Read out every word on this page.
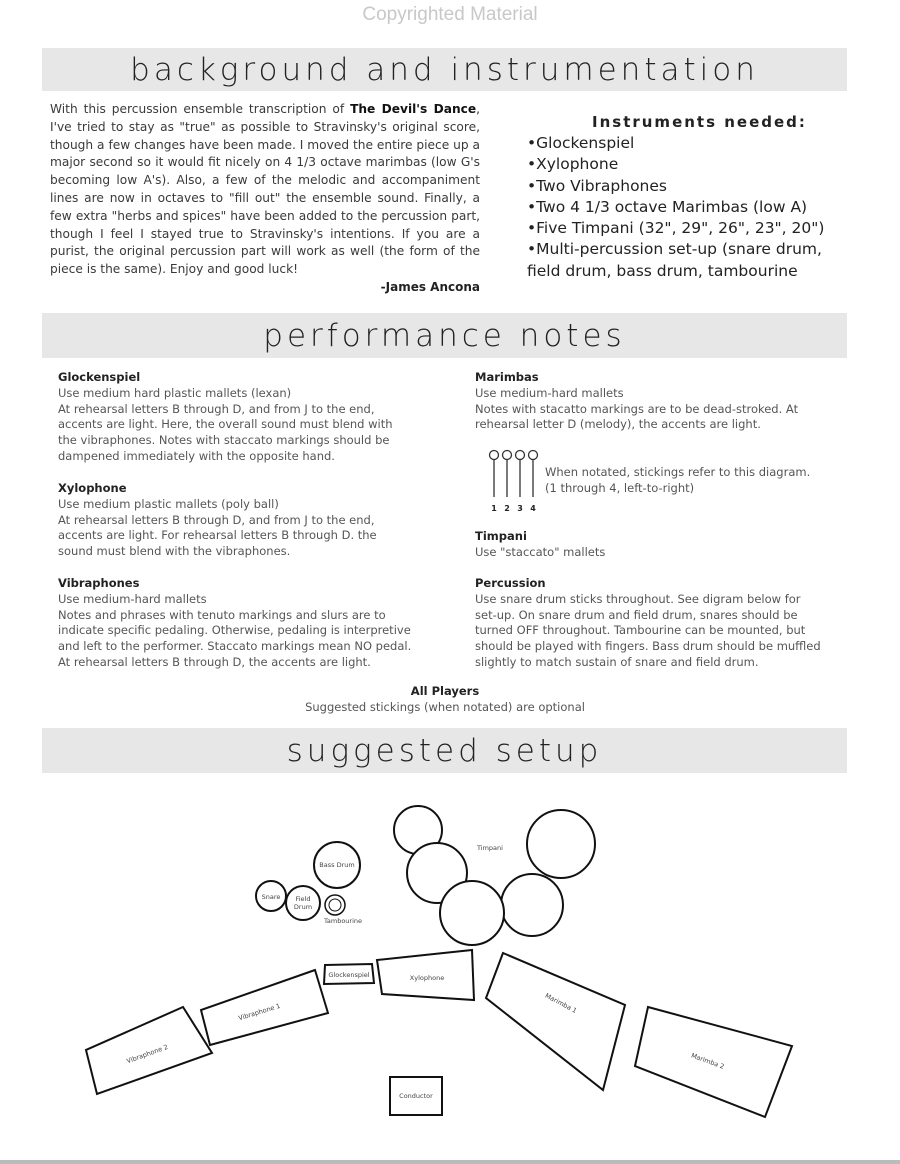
Copyrighted Material
background and instrumentation
With this percussion ensemble transcription of The Devil's Dance, I've tried to stay as "true" as possible to Stravinsky's original score, though a few changes have been made. I moved the entire piece up a major second so it would fit nicely on 4 1/3 octave marimbas (low G's becoming low A's). Also, a few of the melodic and accompaniment lines are now in octaves to "fill out" the ensemble sound. Finally, a few extra "herbs and spices" have been added to the percussion part, though I feel I stayed true to Stravinsky's intentions. If you are a purist, the original percussion part will work as well (the form of the piece is the same). Enjoy and good luck!
-James Ancona
Instruments needed:
•Glockenspiel
•Xylophone
•Two Vibraphones
•Two 4 1/3 octave Marimbas (low A)
•Five Timpani (32", 29", 26", 23", 20")
•Multi-percussion set-up (snare drum, field drum, bass drum, tambourine
performance notes
Glockenspiel
Use medium hard plastic mallets (lexan)
At rehearsal letters B through D, and from J to the end,
accents are light. Here, the overall sound must blend with
the vibraphones. Notes with staccato markings should be
dampened immediately with the opposite hand.
Xylophone
Use medium plastic mallets (poly ball)
At rehearsal letters B through D, and from J to the end,
accents are light. For rehearsal letters B through D. the
sound must blend with the vibraphones.
Vibraphones
Use medium-hard mallets
Notes and phrases with tenuto markings and slurs are to
indicate specific pedaling. Otherwise, pedaling is interpretive
and left to the performer. Staccato markings mean NO pedal.
At rehearsal letters B through D, the accents are light.
Marimbas
Use medium-hard mallets
Notes with stacatto markings are to be dead-stroked. At
rehearsal letter D (melody), the accents are light.
1 2 3 4
When notated, stickings refer to this diagram.
(1 through 4, left-to-right)
Timpani
Use "staccato" mallets
Percussion
Use snare drum sticks throughout. See digram below for
set-up. On snare drum and field drum, snares should be
turned OFF throughout. Tambourine can be mounted, but
should be played with fingers. Bass drum should be muffled
slightly to match sustain of snare and field drum.
All Players
Suggested stickings (when notated) are optional
suggested setup
Timpani
Bass Drum
Snare Field
Drum
Tambourine
Glockenspiel	Xylophone
Vibraphone 1
Vibraphone 2
Marimba 1
Marimba 2
Conductor
